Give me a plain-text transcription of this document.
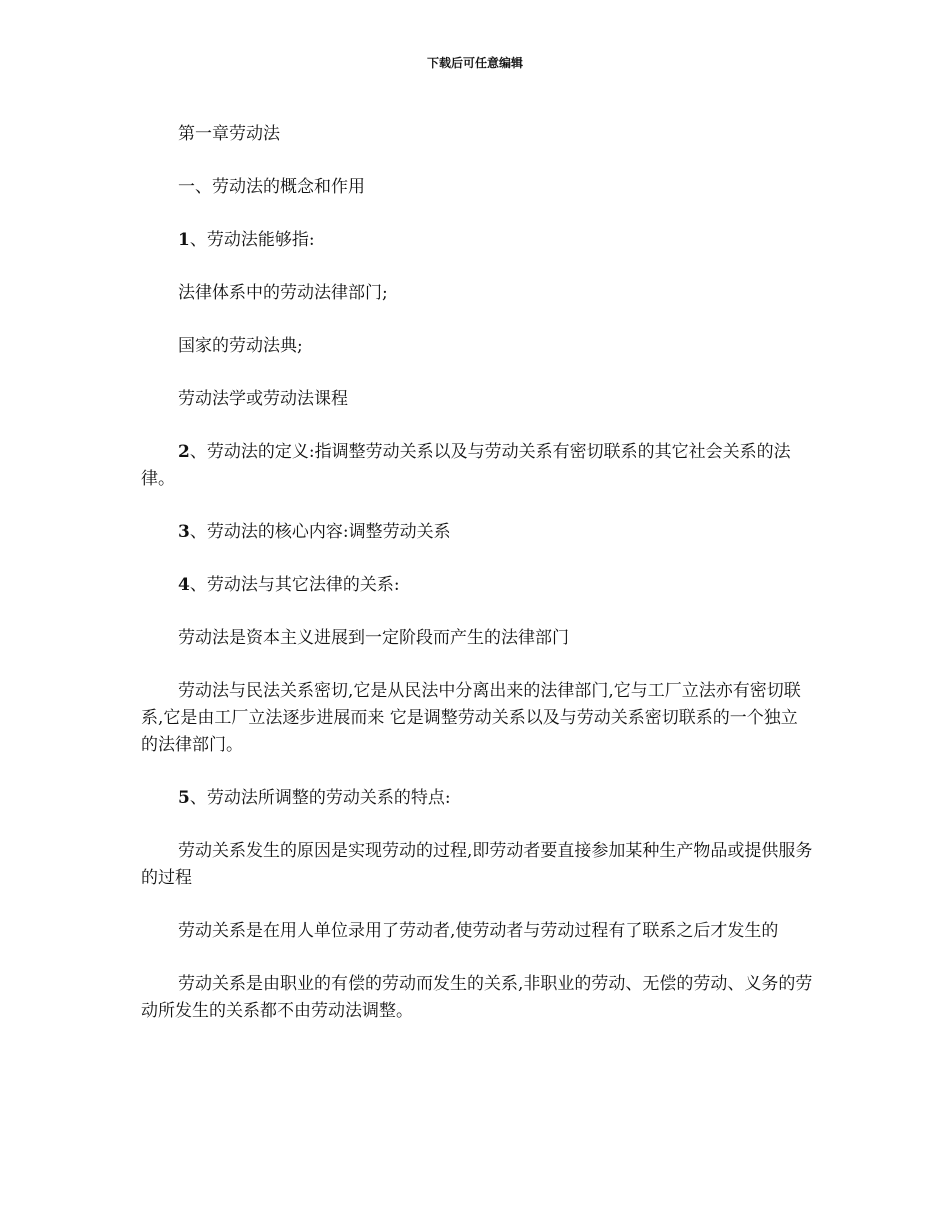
下载后可任意编辑

第一章劳动法

一、劳动法的概念和作用

1、劳动法能够指:

法律体系中的劳动法律部门;

国家的劳动法典;

劳动法学或劳动法课程

2、劳动法的定义:指调整劳动关系以及与劳动关系有密切联系的其它社会关系的法律。

3、劳动法的核心内容:调整劳动关系

4、劳动法与其它法律的关系:

劳动法是资本主义进展到一定阶段而产生的法律部门

劳动法与民法关系密切,它是从民法中分离出来的法律部门,它与工厂立法亦有密切联系,它是由工厂立法逐步进展而来 它是调整劳动关系以及与劳动关系密切联系的一个独立的法律部门。

5、劳动法所调整的劳动关系的特点:

劳动关系发生的原因是实现劳动的过程,即劳动者要直接参加某种生产物品或提供服务的过程

劳动关系是在用人单位录用了劳动者,使劳动者与劳动过程有了联系之后才发生的

劳动关系是由职业的有偿的劳动而发生的关系,非职业的劳动、无偿的劳动、义务的劳动所发生的关系都不由劳动法调整。
